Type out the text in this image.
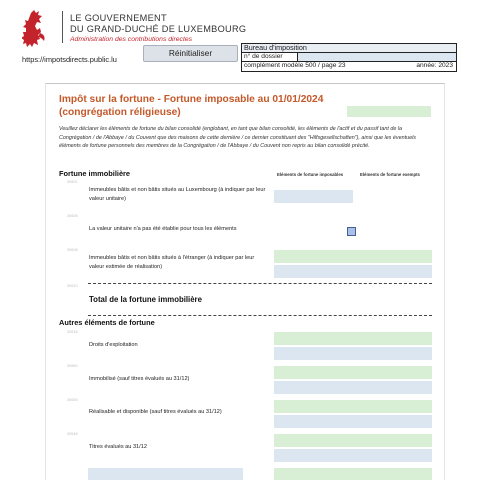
LE GOUVERNEMENT
DU GRAND-DUCHÉ DE LUXEMBOURG
Administration des contributions directes
https://impotsdirects.public.lu
Réinitialiser
Bureau d'imposition
n° de dossier
complément modèle 500 / page 23	année: 2023
Impôt sur la fortune - Fortune imposable au 01/01/2024
(congrégation réligieuse)
Veuillez déclarer les éléments de fortune du bilan consolidé (englobant, en tant que bilan consolidé, les éléments de l'actif et du passif tant de la Congrégation / de l'Abbaye / du Couvent que des maisons de cette dernière / ce dernier constituant des "Hilfsgesellschaften"), ainsi que les éventuels éléments de fortune personnels des membres de la Congrégation / de l'Abbaye / du Couvent non repris au bilan consolidé précité.
Fortune immobilière	Eléments de fortune imposables	Eléments de fortune exempts
30601
Immeubles bâtis et non bâtis situés au Luxembourg (à indiquer par leur valeur unitaire)
30606
La valeur unitaire n'a pas été établie pour tous les éléments
30608
Immeubles bâtis et non bâtis situés à l'étranger (à indiquer par leur valeur estimée de réalisation)
30610
Total de la fortune immobilière
Autres éléments de fortune
30618
Droits d'exploitation
30650
Immobilisé (sauf titres évalués au 31/12)
30655
Réalisable et disponible (sauf titres évalués au 31/12)
30548
Titres évalués au 31/12
